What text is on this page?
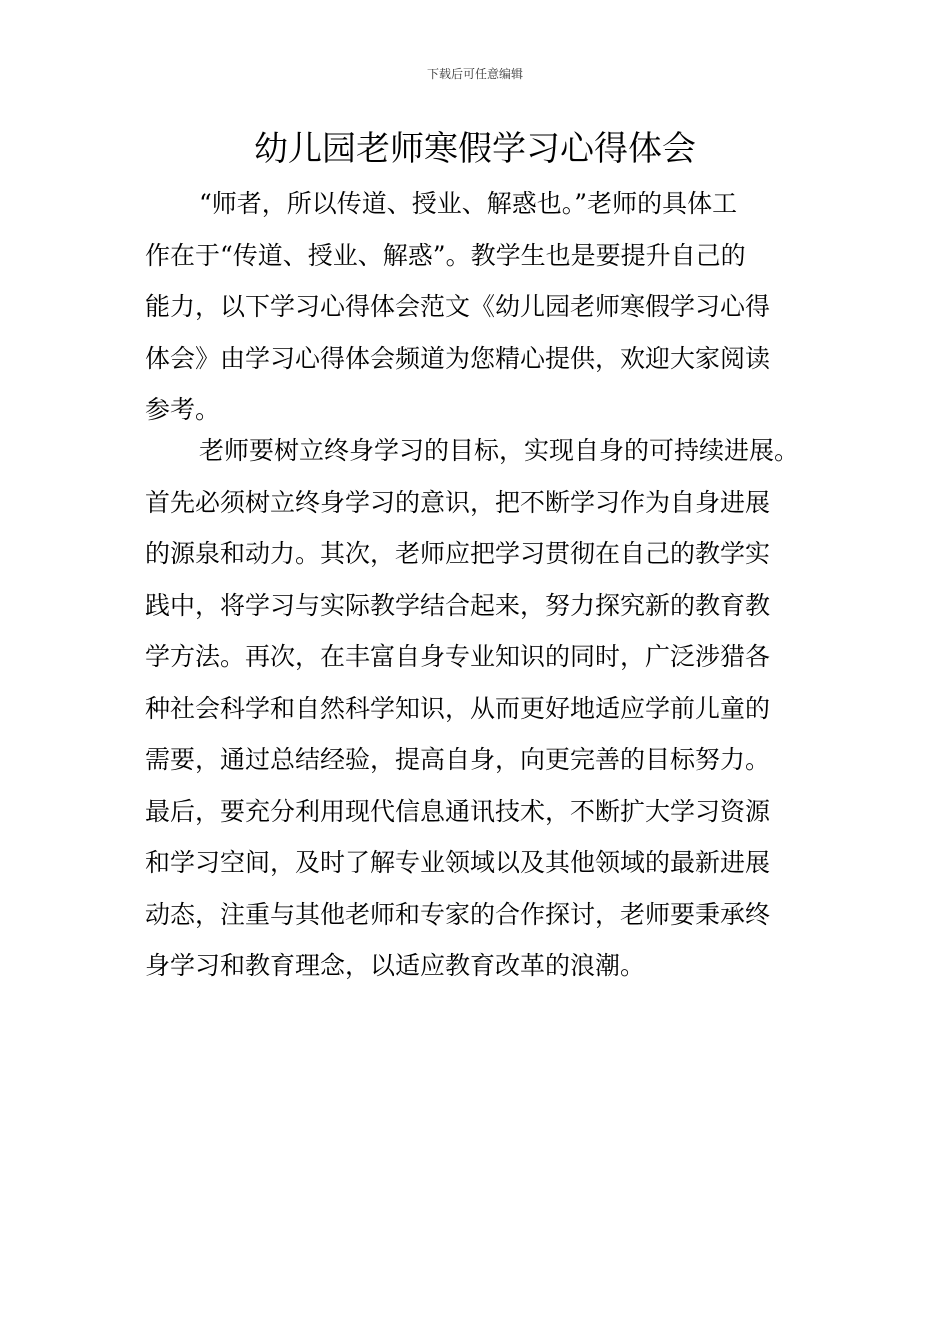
下载后可任意编辑
幼儿园老师寒假学习心得体会
“师者，所以传道、授业、解惑也。”老师的具体工
作在于“传道、授业、解惑”。教学生也是要提升自己的
能力，以下学习心得体会范文《幼儿园老师寒假学习心得
体会》由学习心得体会频道为您精心提供，欢迎大家阅读
参考。
老师要树立终身学习的目标，实现自身的可持续进展。
首先必须树立终身学习的意识，把不断学习作为自身进展
的源泉和动力。其次，老师应把学习贯彻在自己的教学实
践中，将学习与实际教学结合起来，努力探究新的教育教
学方法。再次，在丰富自身专业知识的同时，广泛涉猎各
种社会科学和自然科学知识，从而更好地适应学前儿童的
需要，通过总结经验，提高自身，向更完善的目标努力。
最后，要充分利用现代信息通讯技术，不断扩大学习资源
和学习空间，及时了解专业领域以及其他领域的最新进展
动态，注重与其他老师和专家的合作探讨，老师要秉承终
身学习和教育理念，以适应教育改革的浪潮。
